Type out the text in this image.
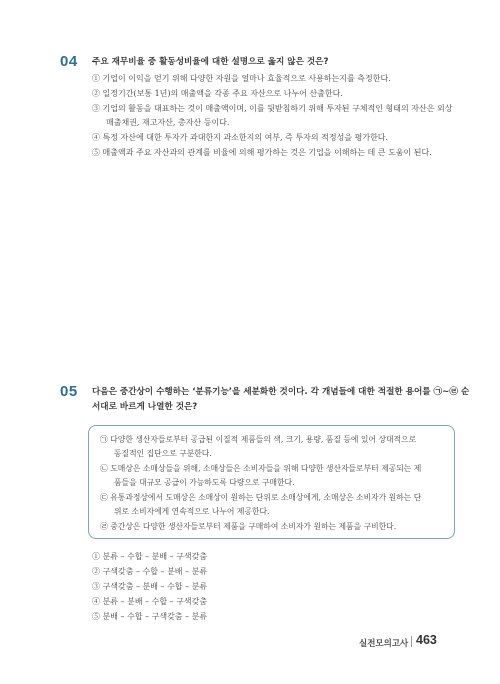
04 주요 재무비율 중 활동성비율에 대한 설명으로 옳지 않은 것은?
① 기업이 이익을 얻기 위해 다양한 자원을 얼마나 효율적으로 사용하는지를 측정한다.
② 일정기간(보통 1년)의 매출액을 각종 주요 자산으로 나누어 산출한다.
③ 기업의 활동을 대표하는 것이 매출액이며, 이를 뒷받침하기 위해 투자된 구체적인 형태의 자산은 외상
매출채권, 재고자산, 총자산 등이다.
④ 특정 자산에 대한 투자가 과대한지 과소한지의 여부, 즉 투자의 적정성을 평가한다.
⑤ 매출액과 주요 자산과의 관계를 비율에 의해 평가하는 것은 기업을 이해하는 데 큰 도움이 된다.
05 다음은 중간상이 수행하는 ‘분류기능’을 세분화한 것이다. 각 개념들에 대한 적절한 용어를 ㉠~㉣ 순
서대로 바르게 나열한 것은?
㉠ 다양한 생산자들로부터 공급된 이질적 제품들의 색, 크기, 용량, 품질 등에 있어 상대적으로
동질적인 집단으로 구분한다.
㉡ 도매상은 소매상들을 위해, 소매상들은 소비자들을 위해 다양한 생산자들로부터 제공되는 제
품들을 대규모 공급이 가능하도록 다량으로 구매한다.
㉢ 유통과정상에서 도매상은 소매상이 원하는 단위로 소매상에게, 소매상은 소비자가 원하는 단
위로 소비자에게 연속적으로 나누어 제공한다.
㉣ 중간상은 다양한 생산자들로부터 제품을 구매하여 소비자가 원하는 제품을 구비한다.
① 분류 – 수합 – 분배 – 구색갖춤
② 구색갖춤 – 수합 – 분배 – 분류
③ 구색갖춤 – 분배 – 수합 – 분류
④ 분류 – 분배 – 수합 – 구색갖춤
⑤ 분배 – 수합 – 구색갖춤 – 분류
실전모의고사 463
